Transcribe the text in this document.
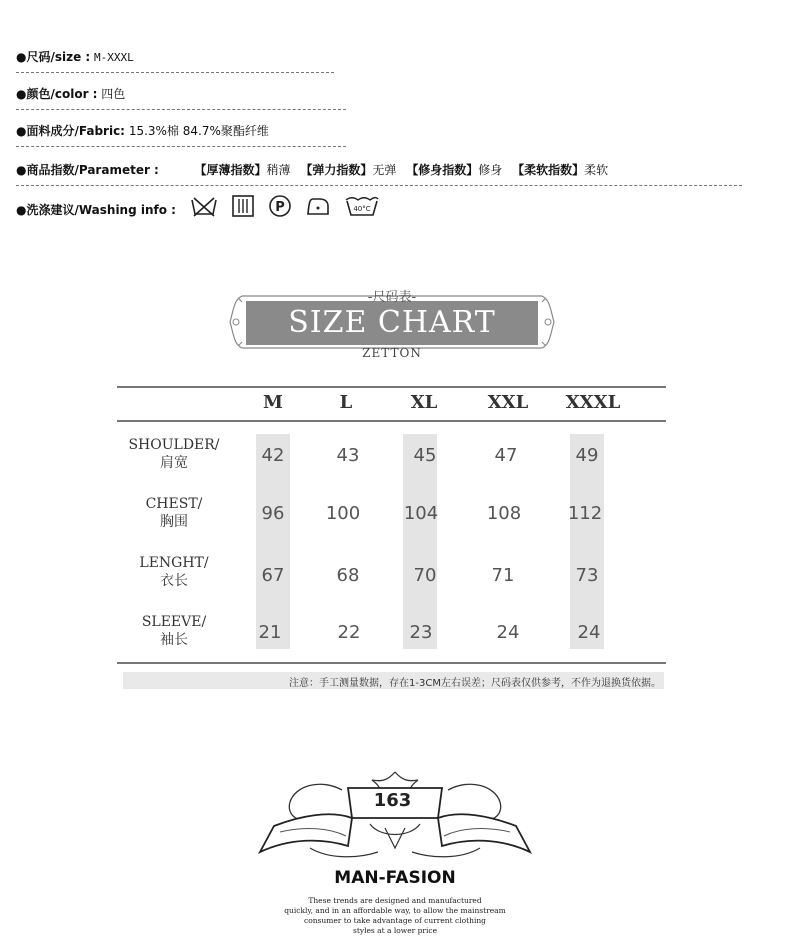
●尺码/size : M-XXXL
●颜色/color : 四色
●面料成分/Fabric: 15.3%棉 84.7%聚酯纤维
●商品指数/Parameter :	【厚薄指数】稍薄 【弹力指数】无弹 【修身指数】修身 【柔软指数】柔软
●洗涤建议/Washing info :	P	40°C
-尺码表-
SIZE CHART
ZETTON
M	L	XL	XXL XXXL
SHOULDER/
肩宽	42	43	45	47	49
CHEST/
胸围	96 100 104	108	112
LENGHT/
衣长	67	68	70	71	73
SLEEVE/
袖长	21	22	23	24	24
注意：手工测量数据，存在1-3CM左右误差；尺码表仅供参考，不作为退换货依据。
163
MAN-FASION
These trends are designed and manufactured
quickly, and in an affordable way, to allow the mainstream
consumer to take advantage of current clothing
styles at a lower price
